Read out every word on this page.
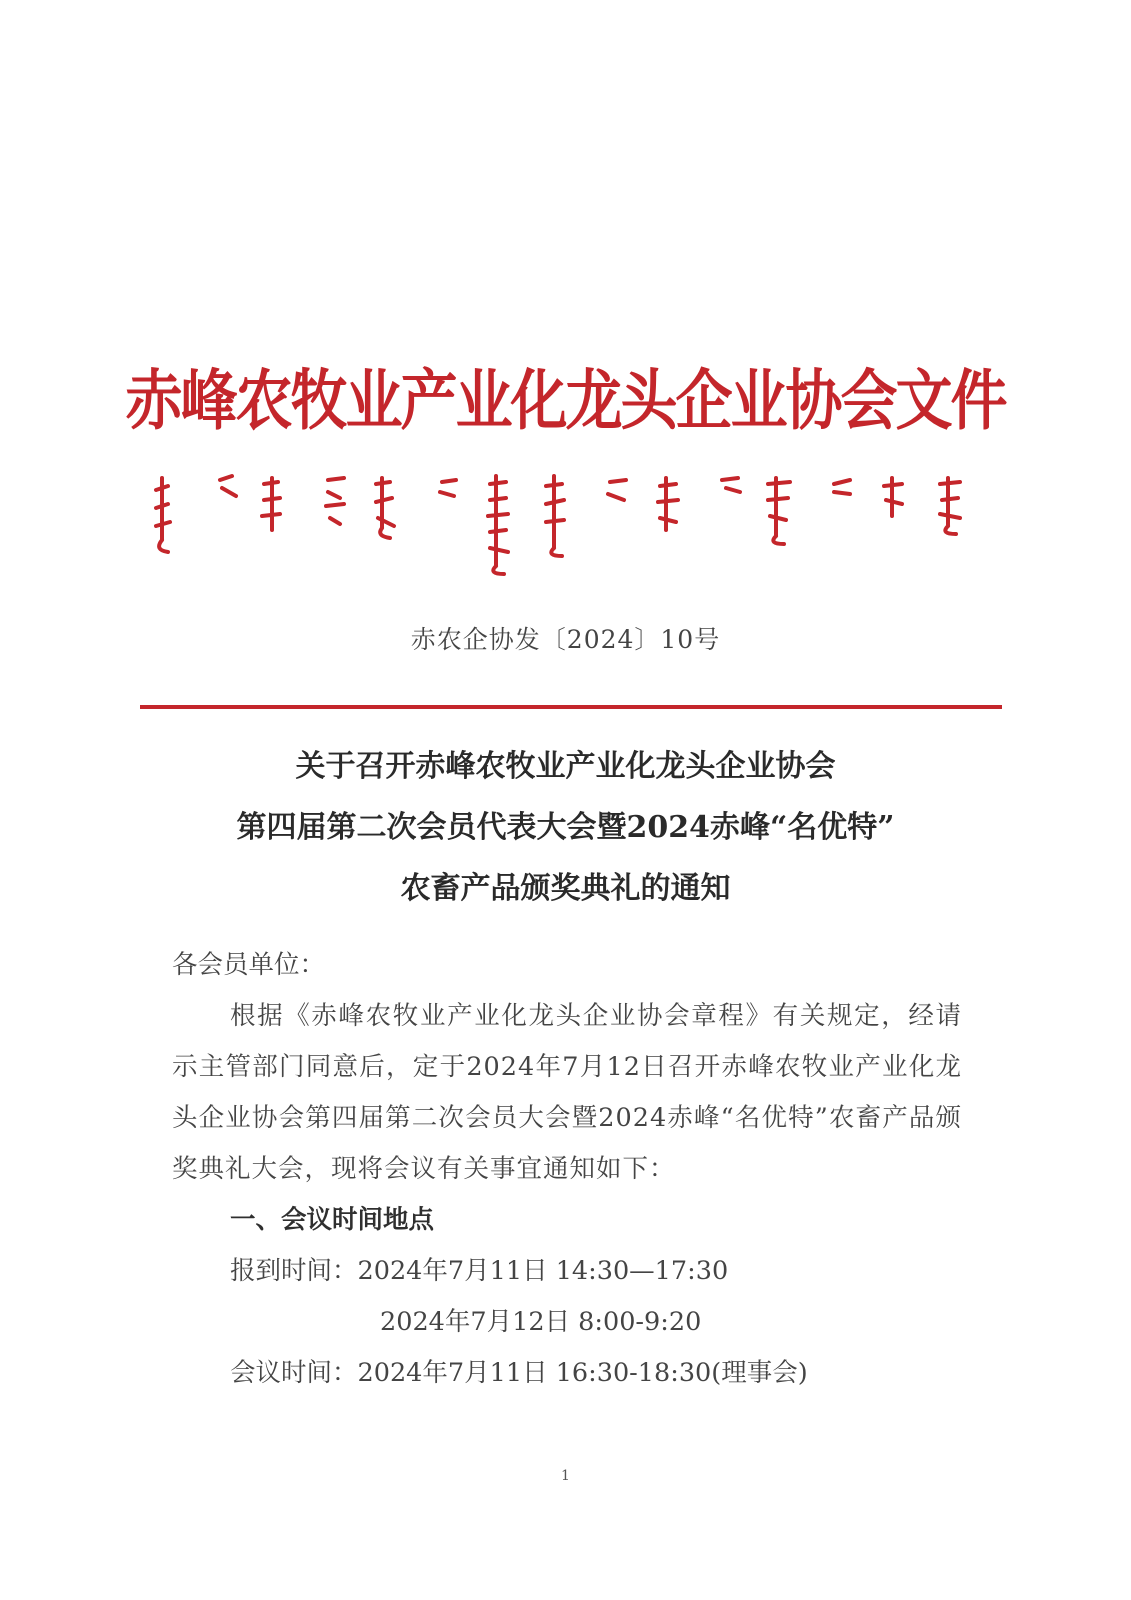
赤峰农牧业产业化龙头企业协会文件
赤农企协发〔2024〕10号
关于召开赤峰农牧业产业化龙头企业协会
第四届第二次会员代表大会暨2024赤峰“名优特”
农畜产品颁奖典礼的通知
各会员单位：
根据《赤峰农牧业产业化龙头企业协会章程》有关规定，经请示主管部门同意后，定于2024年7月12日召开赤峰农牧业产业化龙头企业协会第四届第二次会员大会暨2024赤峰“名优特”农畜产品颁奖典礼大会，现将会议有关事宜通知如下：
一、会议时间地点
报到时间：2024年7月11日 14:30—17:30
2024年7月12日 8:00-9:20
会议时间：2024年7月11日 16:30-18:30(理事会)
1
